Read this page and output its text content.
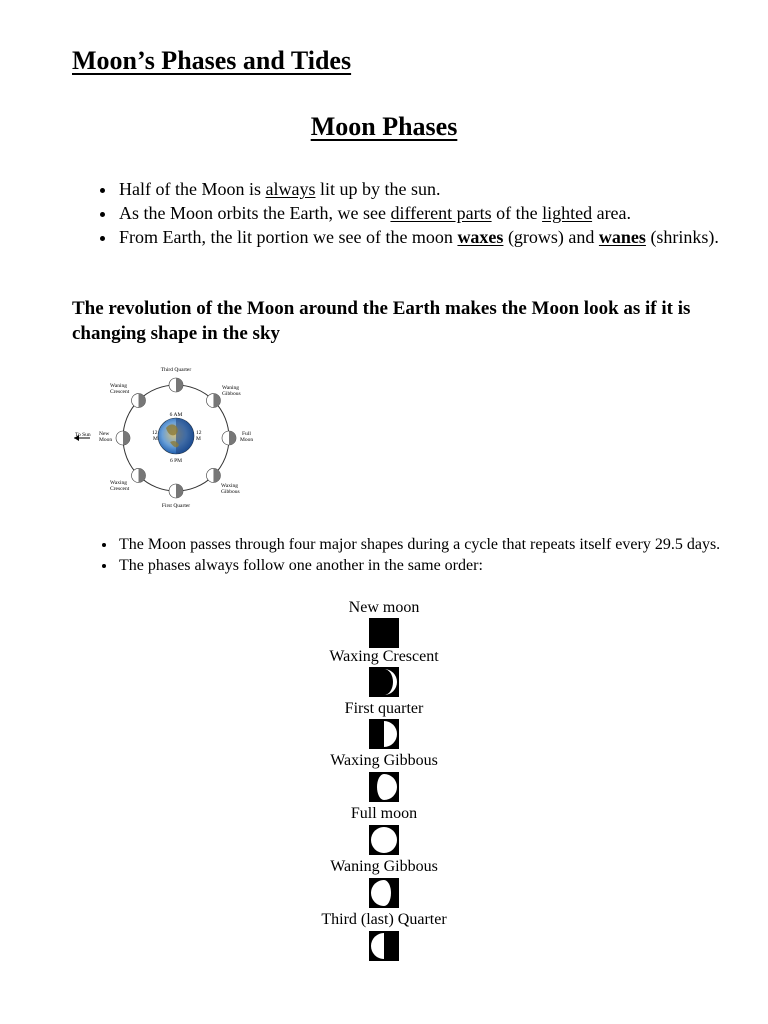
Moon’s Phases and Tides
Moon Phases
• Half of the Moon is always lit up by the sun.
• As the Moon orbits the Earth, we see different parts of the lighted area.
• From Earth, the lit portion we see of the moon waxes (grows) and wanes (shrinks).
The revolution of the Moon around the Earth makes the Moon look as if it is changing shape in the sky
Third Quarter
First Quarter
Waning
Crescent
Waning
Gibbous
New
Moon
Full
Moon
Waxing
Crescent	Waxing
Gibbous
To Sun
6 AM
6 PM
12
M
12
M
• The Moon passes through four major shapes during a cycle that repeats itself every 29.5 days.
• The phases always follow one another in the same order:
New moon
Waxing Crescent
First quarter
Waxing Gibbous
Full moon
Waning Gibbous
Third (last) Quarter
